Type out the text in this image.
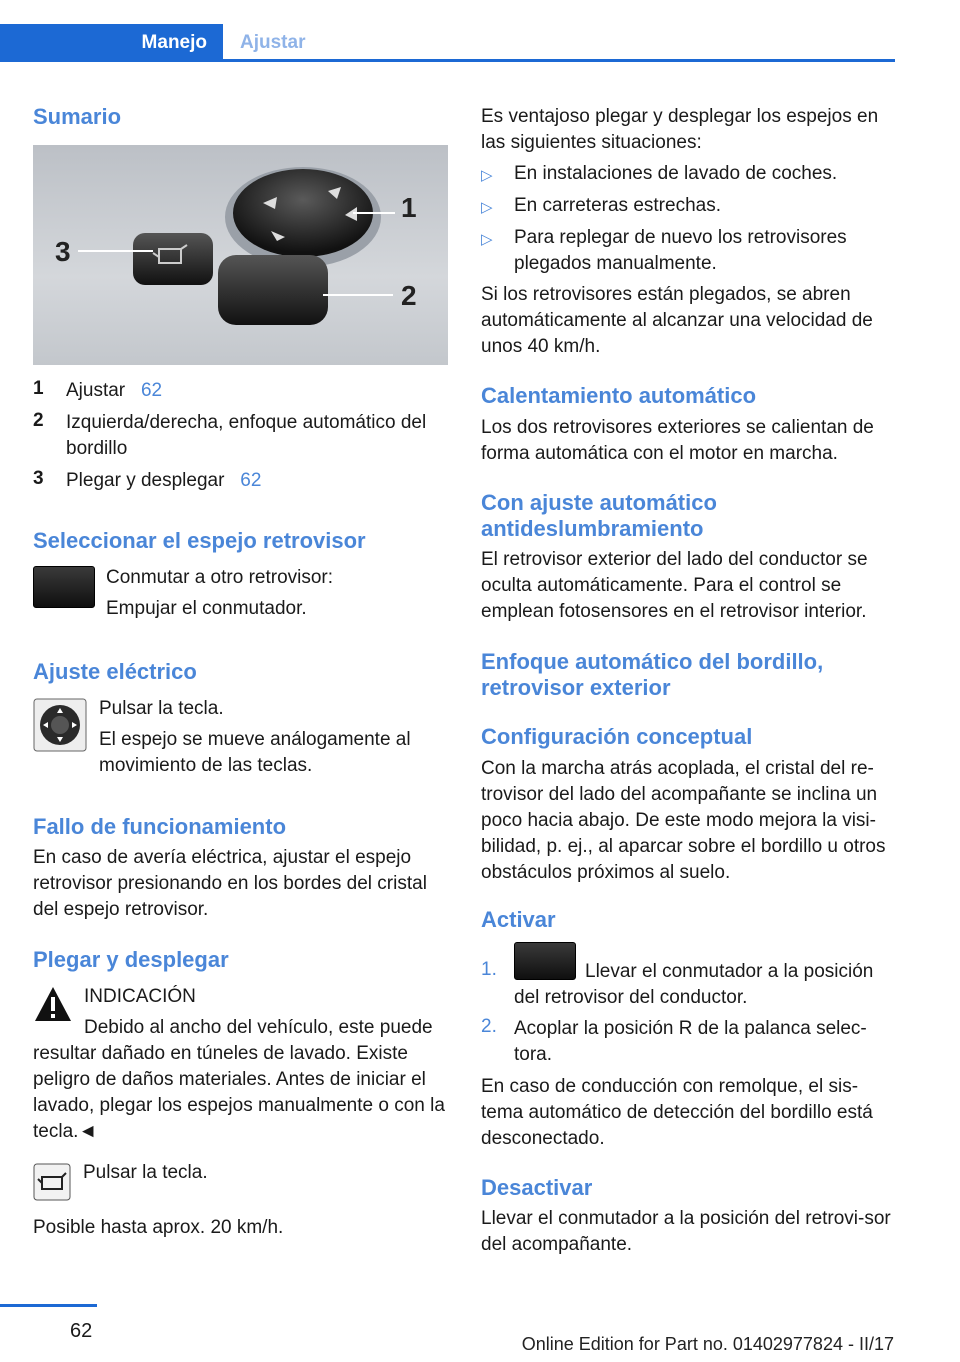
Manejo Ajustar
Sumario
3
1
2
1 Ajustar 62
2 Izquierda/derecha, enfoque automático del bordillo
3 Plegar y desplegar 62
Seleccionar el espejo retrovisor

Conmutar a otro retrovisor:

Empujar el conmutador.

Ajuste eléctrico

Pulsar la tecla.

El espejo se mueve análogamente al movimiento de las teclas.

Fallo de funcionamiento

En caso de avería eléctrica, ajustar el espejo retrovisor presionando en los bordes del cristal del espejo retrovisor.

Plegar y desplegar

INDICACIÓN

Debido al ancho del vehículo, este puede resultar dañado en túneles de lavado. Existe peligro de daños materiales. Antes de iniciar el lavado, plegar los espejos manualmente o con la tecla.◄

Pulsar la tecla.

Posible hasta aprox. 20 km/h.

Es ventajoso plegar y desplegar los espejos en las siguientes situaciones:

▷ En instalaciones de lavado de coches.
▷ En carreteras estrechas.
▷ Para replegar de nuevo los retrovisores plegados manualmente.

Si los retrovisores están plegados, se abren automáticamente al alcanzar una velocidad de unos 40 km/h.

Calentamiento automático

Los dos retrovisores exteriores se calientan de forma automática con el motor en marcha.

Con ajuste automático antideslumbramiento

El retrovisor exterior del lado del conductor se oculta automáticamente. Para el control se emplean fotosensores en el retrovisor interior.

Enfoque automático del bordillo, retrovisor exterior
Configuración conceptual

Con la marcha atrás acoplada, el cristal del re-trovisor del lado del acompañante se inclina un poco hacia abajo. De este modo mejora la visi-bilidad, p. ej., al aparcar sobre el bordillo u otros obstáculos próximos al suelo.

Activar
1.	Llevar el conmutador a la posición del retrovisor del conductor.

2. Acoplar la posición R de la palanca selec-tora.

En caso de conducción con remolque, el sis-tema automático de detección del bordillo está desconectado.

Desactivar

Llevar el conmutador a la posición del retrovi-sor del acompañante.

62
Online Edition for Part no. 01402977824 - II/17
